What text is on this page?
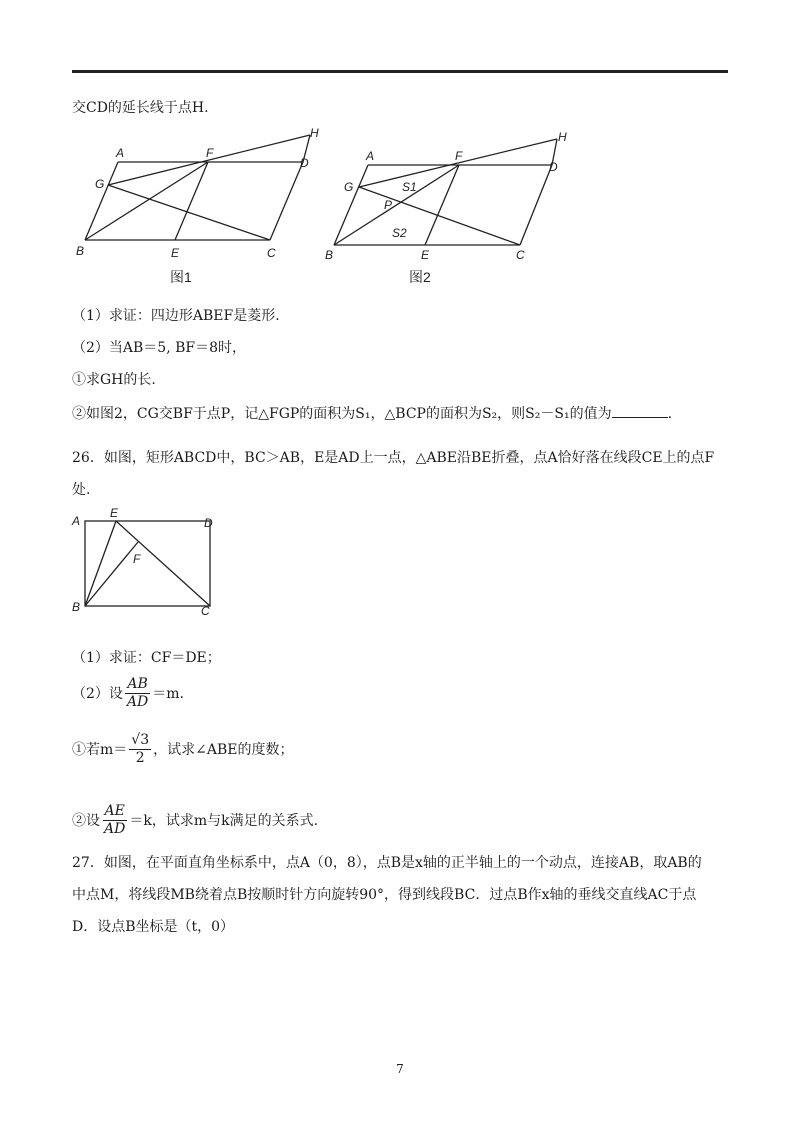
交CD的延长线于点H.
A	F
H
D
G
B	E	C
图1
A	F
H
D
G	S1
P
S2
B	E	C
图2
（1）求证：四边形ABEF是菱形.
（2）当AB＝5, BF＝8时，
①求GH的长.
②如图2，CG交BF于点P，记△FGP的面积为S₁，△BCP的面积为S₂，则S₂－S₁的值为	.
26．如图，矩形ABCD中，BC＞AB，E是AD上一点，△ABE沿BE折叠，点A恰好落在线段CE上的点F
处.
A
E
D
F
B	C
（1）求证：CF＝DE；
（2）设 $\frac{AB}{AD} =m$.
①若$m= \frac{√3}{2}$ ，试求∠ABE的度数；
②设 $\frac{AE}{AD} =k$，试求m与k满足的关系式.
27．如图，在平面直角坐标系中，点A（0，8），点B是x轴的正半轴上的一个动点，连接AB，取AB的
中点M，将线段MB绕着点B按顺时针方向旋转90°，得到线段BC．过点B作x轴的垂线交直线AC于点
D．设点B坐标是（t，0）
7
